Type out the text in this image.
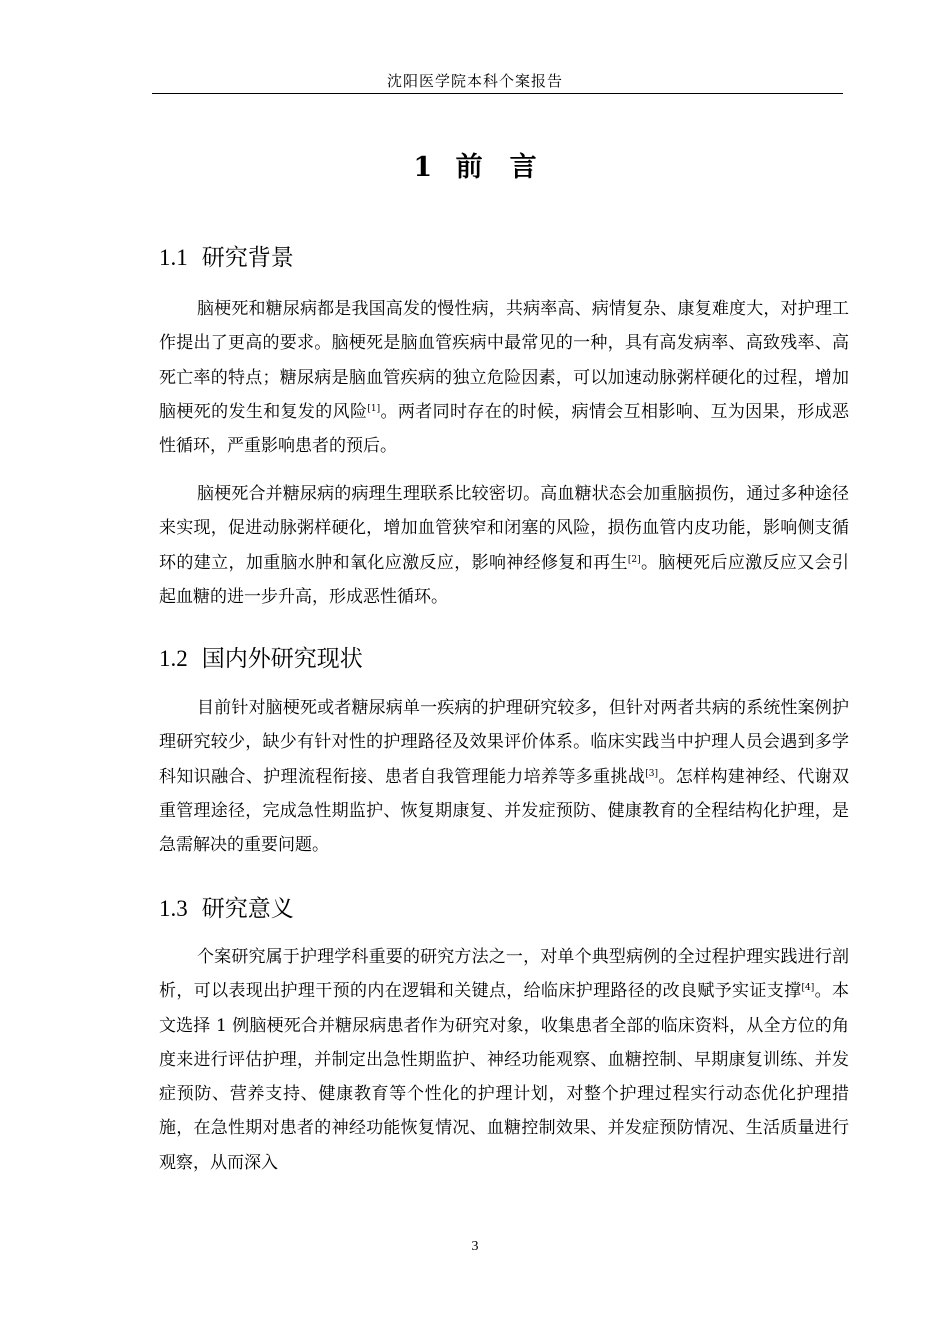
沈阳医学院本科个案报告
1 前　言
1.1 研究背景

脑梗死和糖尿病都是我国高发的慢性病，共病率高、病情复杂、康复难度大，对护理工作提出了更高的要求。脑梗死是脑血管疾病中最常见的一种，具有高发病率、高致残率、高死亡率的特点；糖尿病是脑血管疾病的独立危险因素，可以加速动脉粥样硬化的过程，增加脑梗死的发生和复发的风险[1]。两者同时存在的时候，病情会互相影响、互为因果，形成恶性循环，严重影响患者的预后。

脑梗死合并糖尿病的病理生理联系比较密切。高血糖状态会加重脑损伤，通过多种途径来实现，促进动脉粥样硬化，增加血管狭窄和闭塞的风险，损伤血管内皮功能，影响侧支循环的建立，加重脑水肿和氧化应激反应，影响神经修复和再生[2]。脑梗死后应激反应又会引起血糖的进一步升高，形成恶性循环。

1.2 国内外研究现状

目前针对脑梗死或者糖尿病单一疾病的护理研究较多，但针对两者共病的系统性案例护理研究较少，缺少有针对性的护理路径及效果评价体系。临床实践当中护理人员会遇到多学科知识融合、护理流程衔接、患者自我管理能力培养等多重挑战[3]。怎样构建神经、代谢双重管理途径，完成急性期监护、恢复期康复、并发症预防、健康教育的全程结构化护理，是急需解决的重要问题。

1.3 研究意义

个案研究属于护理学科重要的研究方法之一，对单个典型病例的全过程护理实践进行剖析，可以表现出护理干预的内在逻辑和关键点，给临床护理路径的改良赋予实证支撑[4]。本文选择 1 例脑梗死合并糖尿病患者作为研究对象，收集患者全部的临床资料，从全方位的角度来进行评估护理，并制定出急性期监护、神经功能观察、血糖控制、早期康复训练、并发症预防、营养支持、健康教育等个性化的护理计划，对整个护理过程实行动态优化护理措施，在急性期对患者的神经功能恢复情况、血糖控制效果、并发症预防情况、生活质量进行观察，从而深入

3
